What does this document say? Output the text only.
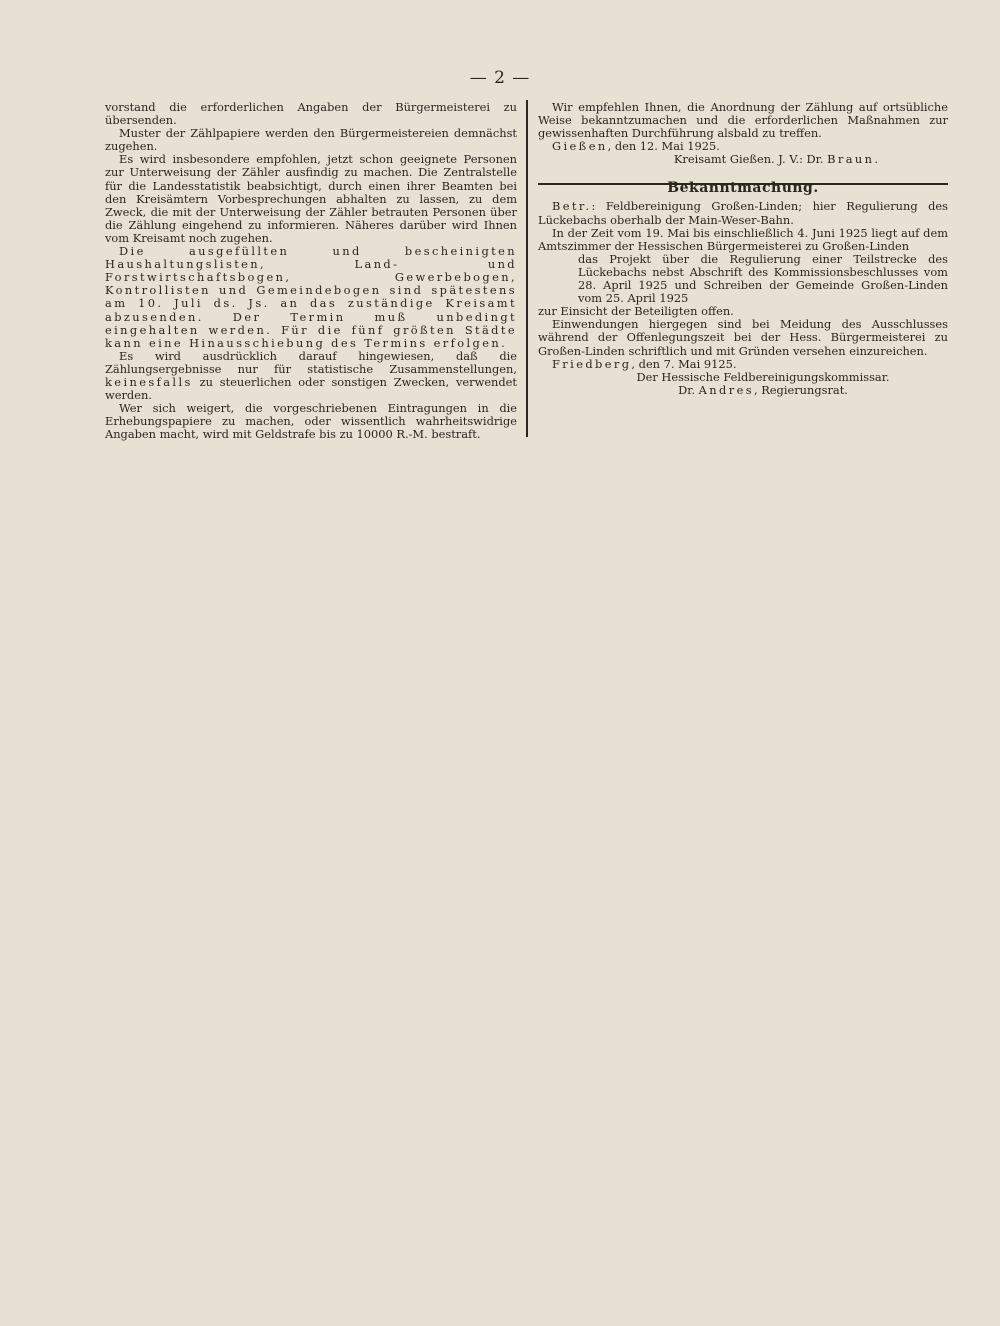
— 2 —

vorstand die erforderlichen Angaben der Bürgermeisterei zu übersenden.

Muster der Zählpapiere werden den Bürgermeistereien demnächst zugehen.

Es wird insbesondere empfohlen, jetzt schon geeignete Personen zur Unterweisung der Zähler ausfindig zu machen. Die Zentralstelle für die Landesstatistik beabsichtigt, durch einen ihrer Beamten bei den Kreisämtern Vorbesprechungen abhalten zu lassen, zu dem Zweck, die mit der Unterweisung der Zähler betrauten Personen über die Zählung eingehend zu informieren. Näheres darüber wird Ihnen vom Kreisamt noch zugehen.

Die ausgefüllten und bescheinigten Haushaltungslisten, Land- und Forstwirtschaftsbogen, Gewerbebogen, Kontrollisten und Gemeindebogen sind spätestens am 10. Juli ds. Js. an das zuständige Kreisamt abzusenden. Der Termin muß unbedingt eingehalten werden. Für die fünf größten Städte kann eine Hinausschiebung des Termins erfolgen.

Es wird ausdrücklich darauf hingewiesen, daß die Zählungsergebnisse nur für statistische Zusammenstellungen, keinesfalls zu steuerlichen oder sonstigen Zwecken, verwendet werden.

Wer sich weigert, die vorgeschriebenen Eintragungen in die Erhebungspapiere zu machen, oder wissentlich wahrheitswidrige Angaben macht, wird mit Geldstrafe bis zu 10000 R.-M. bestraft.

Wir empfehlen Ihnen, die Anordnung der Zählung auf ortsübliche Weise bekanntzumachen und die erforderlichen Maßnahmen zur gewissenhaften Durchführung alsbald zu treffen.

Gießen, den 12. Mai 1925.

Kreisamt Gießen. J. V.: Dr. Braun.

Bekanntmachung.

Betr.: Feldbereinigung Großen-Linden; hier Regulierung des Lückebachs oberhalb der Main-Weser-Bahn.

In der Zeit vom 19. Mai bis einschließlich 4. Juni 1925 liegt auf dem Amtszimmer der Hessischen Bürgermeisterei zu Großen-Linden

das Projekt über die Regulierung einer Teilstrecke des Lückebachs nebst Abschrift des Kommissionsbeschlusses vom 28. April 1925 und Schreiben der Gemeinde Großen-Linden vom 25. April 1925

zur Einsicht der Beteiligten offen.

Einwendungen hiergegen sind bei Meidung des Ausschlusses während der Offenlegungszeit bei der Hess. Bürgermeisterei zu Großen-Linden schriftlich und mit Gründen versehen einzureichen.

Friedberg, den 7. Mai 9125.

Der Hessische Feldbereinigungskommissar.

Dr. Andres, Regierungsrat.
